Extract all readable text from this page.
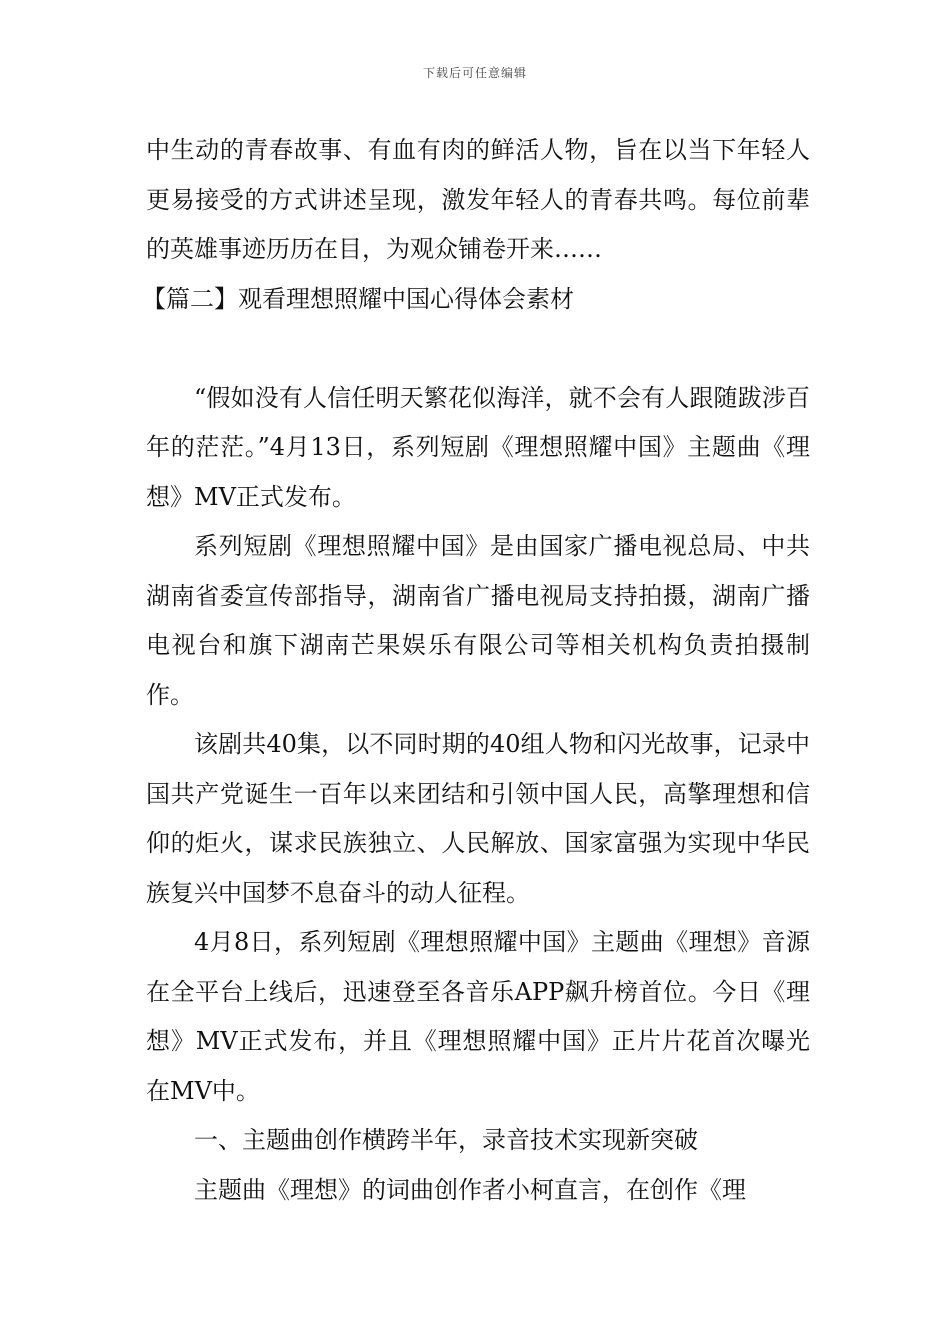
下载后可任意编辑

中生动的青春故事、有血有肉的鲜活人物，旨在以当下年轻人更易接受的方式讲述呈现，激发年轻人的青春共鸣。每位前辈的英雄事迹历历在目，为观众铺卷开来……

【篇二】观看理想照耀中国心得体会素材

“假如没有人信任明天繁花似海洋，就不会有人跟随跋涉百年的茫茫。”4月13日，系列短剧《理想照耀中国》主题曲《理想》MV正式发布。

系列短剧《理想照耀中国》是由国家广播电视总局、中共湖南省委宣传部指导，湖南省广播电视局支持拍摄，湖南广播电视台和旗下湖南芒果娱乐有限公司等相关机构负责拍摄制作。

该剧共40集，以不同时期的40组人物和闪光故事，记录中国共产党诞生一百年以来团结和引领中国人民，高擎理想和信仰的炬火，谋求民族独立、人民解放、国家富强为实现中华民族复兴中国梦不息奋斗的动人征程。

4月8日，系列短剧《理想照耀中国》主题曲《理想》音源在全平台上线后，迅速登至各音乐APP飙升榜首位。今日《理想》MV正式发布，并且《理想照耀中国》正片片花首次曝光在MV中。

一、主题曲创作横跨半年，录音技术实现新突破

主题曲《理想》的词曲创作者小柯直言，在创作《理
